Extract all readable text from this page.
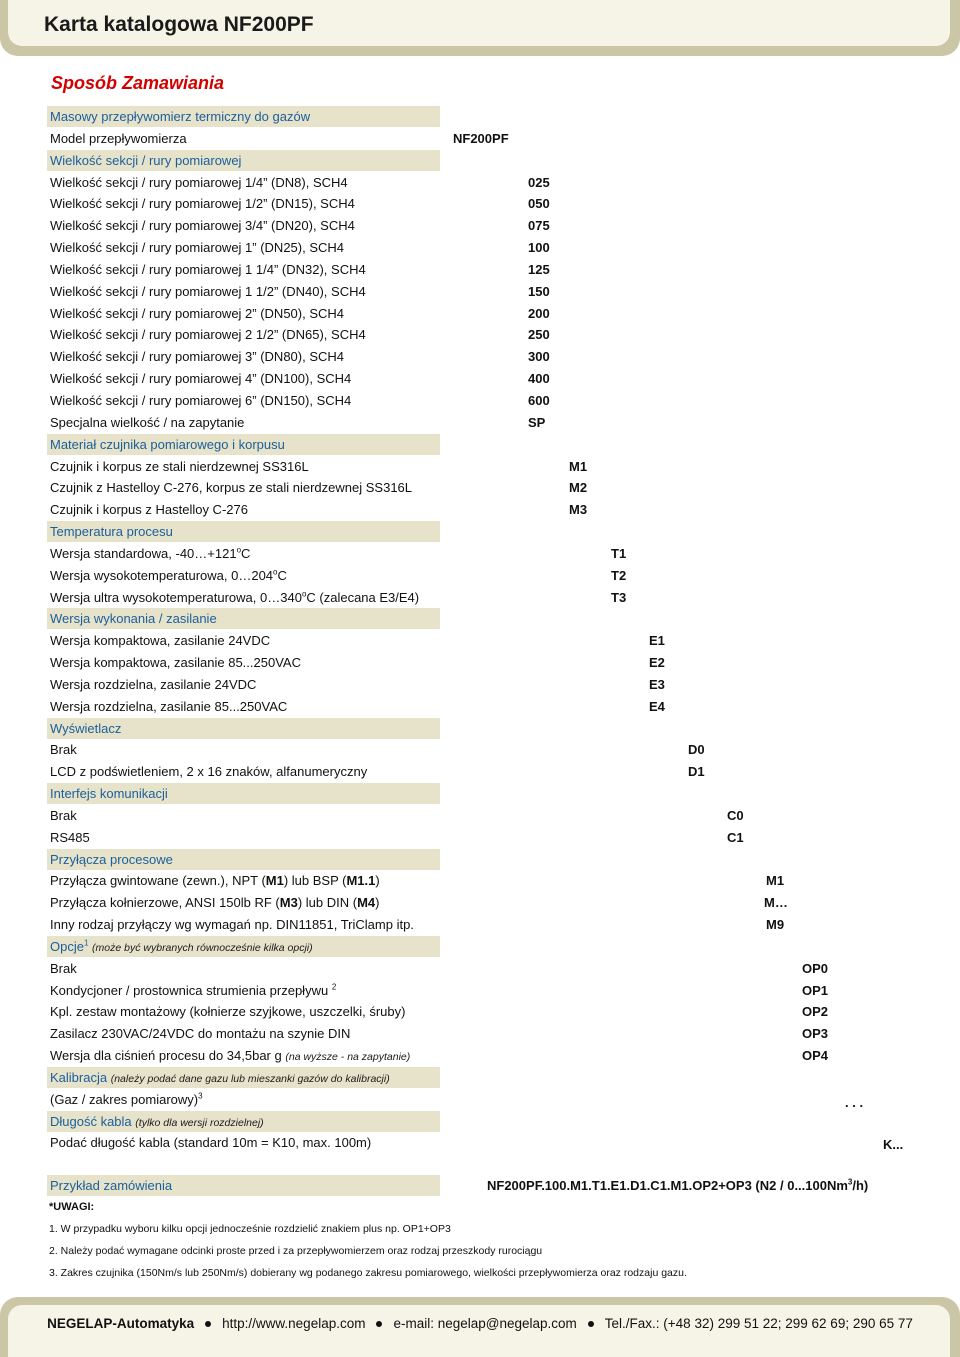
Karta katalogowa NF200PF
Sposób Zamawiania
Masowy przepływomierz termiczny do gazów
Model przepływomierza
Wielkość sekcji / rury pomiarowej
Wielkość sekcji / rury pomiarowej 1/4” (DN8), SCH4
Wielkość sekcji / rury pomiarowej 1/2” (DN15), SCH4
Wielkość sekcji / rury pomiarowej 3/4” (DN20), SCH4
Wielkość sekcji / rury pomiarowej 1” (DN25), SCH4
Wielkość sekcji / rury pomiarowej 1 1/4” (DN32), SCH4
Wielkość sekcji / rury pomiarowej 1 1/2” (DN40), SCH4
Wielkość sekcji / rury pomiarowej 2” (DN50), SCH4
Wielkość sekcji / rury pomiarowej 2 1/2” (DN65), SCH4
Wielkość sekcji / rury pomiarowej 3” (DN80), SCH4
Wielkość sekcji / rury pomiarowej 4” (DN100), SCH4
Wielkość sekcji / rury pomiarowej 6” (DN150), SCH4
Specjalna wielkość / na zapytanie
Materiał czujnika pomiarowego i korpusu
Czujnik i korpus ze stali nierdzewnej SS316L
Czujnik z Hastelloy C-276, korpus ze stali nierdzewnej SS316L
Czujnik i korpus z Hastelloy C-276
Temperatura procesu
Wersja standardowa, $-40\dots+121^oC$
Wersja wysokotemperaturowa, 0…204$^o$C
Wersja ultra wysokotemperaturowa, 0…340$^o$C (zalecana E3/E4)
Wersja wykonania / zasilanie
Wersja kompaktowa, zasilanie 24VDC
Wersja kompaktowa, zasilanie 85...250VAC
Wersja rozdzielna, zasilanie 24VDC
Wersja rozdzielna, zasilanie 85...250VAC
Wyświetlacz
Brak
LCD z podświetleniem, 2 x 16 znaków, alfanumeryczny
Interfejs komunikacji
Brak
RS485
Przyłącza procesowe
Przyłącza gwintowane (zewn.), NPT (M1) lub BSP (M1.1)
Przyłącza kołnierzowe, ANSI 150lb RF (M3) lub DIN (M4)
Inny rodzaj przyłączy wg wymagań np. DIN11851, TriClamp itp.
Opcje$^1$ (może być wybranych równocześnie kilka opcji)
Brak
Kondycjoner / prostownica strumienia przepływu $^2$
Kpl. zestaw montażowy (kołnierze szyjkowe, uszczelki, śruby)
Zasilacz 230VAC/24VDC do montażu na szynie DIN
Wersja dla ciśnień procesu do 34,5bar g (na wyższe - na zapytanie)
Kalibracja (należy podać dane gazu lub mieszanki gazów do kalibracji)
(Gaz / zakres pomiarowy)$^3$
Długość kabla (tylko dla wersji rozdzielnej)
Podać długość kabla (standard 10m = K10, max. 100m)
NF200PF
025
050
075
100
125
150
200
250
300
400
600
SP
M1
M2
M3
T1
T2
T3
E1
E2
E3
E4
D0
D1
C0
C1
M1
M…
M9
OP0
OP1
OP2
OP3
OP4
. . .
K...
Przykład zamówienia	NF200PF.100.M1.T1.E1.D1.C1.M1.OP2+OP3 (N2 / 0...100Nm$^3$/h)
*UWAGI:
1. W przypadku wyboru kilku opcji jednocześnie rozdzielić znakiem plus np. OP1+OP3
2. Należy podać wymagane odcinki proste przed i za przepływomierzem oraz rodzaj przeszkody rurociągu
3. Zakres czujnika (150Nm/s lub 250Nm/s) dobierany wg podanego zakresu pomiarowego, wielkości przepływomierza oraz rodzaju gazu.
NEGELAP-Automatyka http://www.negelap.com e-mail: negelap@negelap.com Tel./Fax.: (+48 32) 299 51 22; 299 62 69; 290 65 77
